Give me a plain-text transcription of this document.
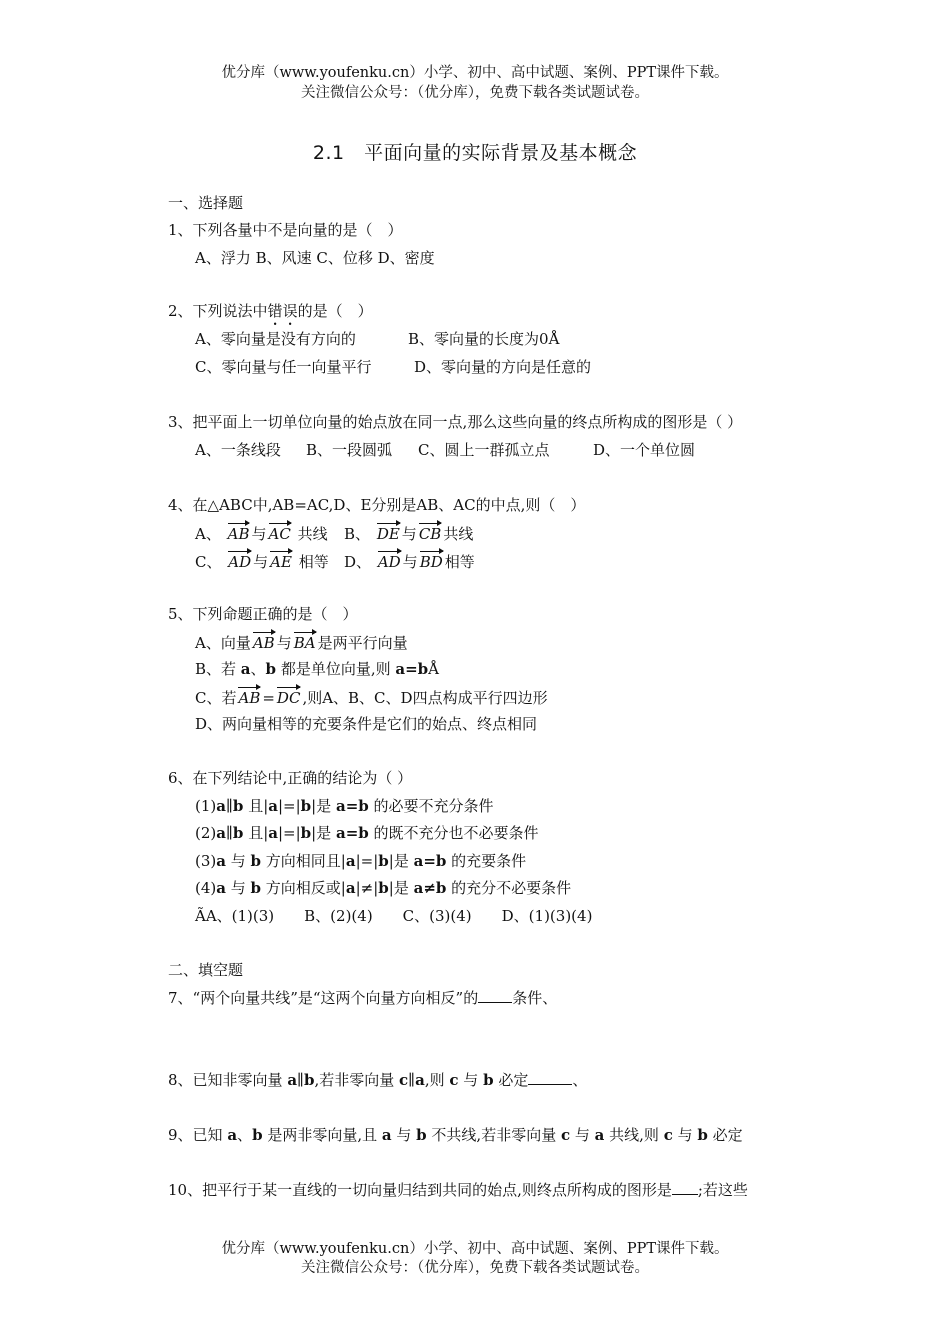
优分库（www.youfenku.cn）小学、初中、高中试题、案例、PPT课件下载。
关注微信公众号：（优分库），免费下载各类试题试卷。
2.1　平面向量的实际背景及基本概念
一、选择题
1、下列各量中不是向量的是（　）
A、浮力 B、风速 C、位移 D、密度
2、下列说法中错误的是（　）
A、零向量是没有方向的	B、零向量的长度为0Å
C、零向量与任一向量平行	D、零向量的方向是任意的
3、把平面上一切单位向量的始点放在同一点,那么这些向量的终点所构成的图形是（ ）
A、一条线段 B、一段圆弧 C、圆上一群孤立点	D、一个单位圆
4、在△ABC中,AB=AC,D、E分别是AB、AC的中点,则（　）
A、 AB 与 AC 共线 B、 DE 与 CB 共线
C、 AD 与 AE 相等 D、 AD 与 BD 相等
5、下列命题正确的是（　）
A、向量 AB 与 BA 是两平行向量
B、若 a、b 都是单位向量,则 a=bÅ
C、若 AB = DC ,则A、B、C、D四点构成平行四边形
D、两向量相等的充要条件是它们的始点、终点相同
6、在下列结论中,正确的结论为（ ）
(1)a∥b 且|a|=|b|是 a=b 的必要不充分条件
(2)a∥b 且|a|=|b|是 a=b 的既不充分也不必要条件
(3)a 与 b 方向相同且|a|=|b|是 a=b 的充要条件
(4)a 与 b 方向相反或|a|≠|b|是 a≠b 的充分不必要条件
ÃA、(1)(3)　　B、(2)(4)　　C、(3)(4)　　D、(1)(3)(4)
二、填空题
7、“两个向量共线”是“这两个向量方向相反”的 条件、
8、已知非零向量 a∥b,若非零向量 c∥a,则 c 与 b 必定	、
9、已知 a、b 是两非零向量,且 a 与 b 不共线,若非零向量 c 与 a 共线,则 c 与 b 必定
10、把平行于某一直线的一切向量归结到共同的始点,则终点所构成的图形是 ;若这些
优分库（www.youfenku.cn）小学、初中、高中试题、案例、PPT课件下载。
关注微信公众号：（优分库），免费下载各类试题试卷。
